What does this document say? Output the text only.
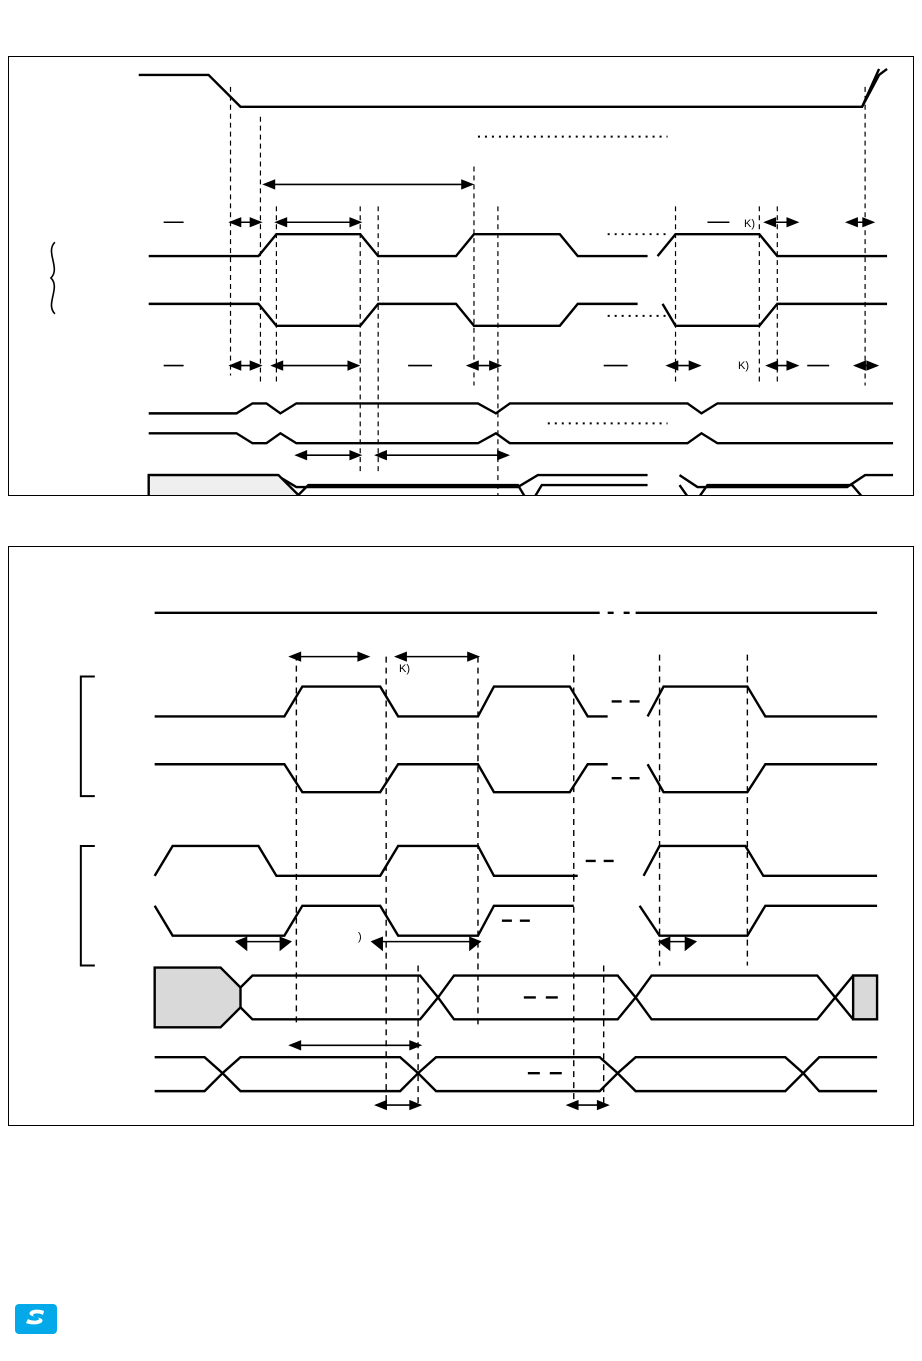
K)
K)
K)
)
